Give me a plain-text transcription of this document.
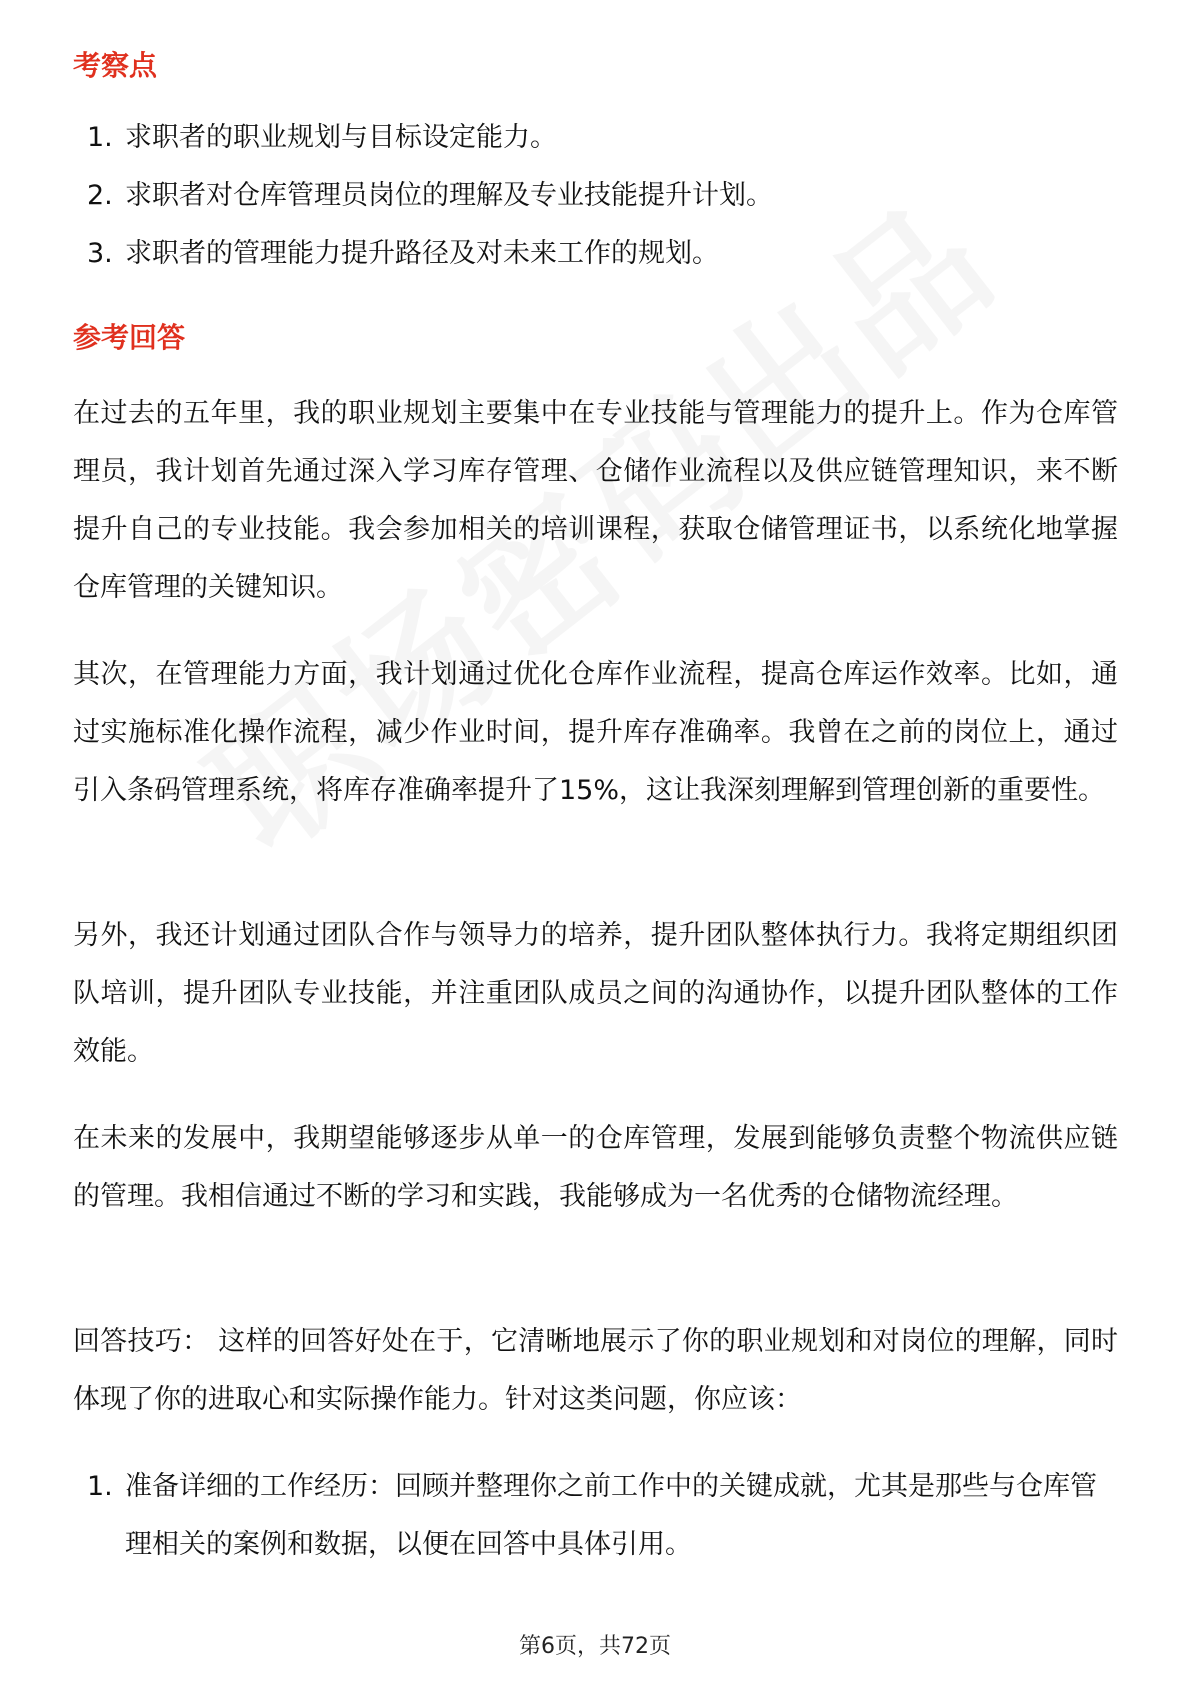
考察点
1. 求职者的职业规划与目标设定能力。
2. 求职者对仓库管理员岗位的理解及专业技能提升计划。
3. 求职者的管理能力提升路径及对未来工作的规划。
参考回答

在过去的五年里，我的职业规划主要集中在专业技能与管理能力的提升上。作为仓库管理员，我计划首先通过深入学习库存管理、仓储作业流程以及供应链管理知识，来不断提升自己的专业技能。我会参加相关的培训课程，获取仓储管理证书，以系统化地掌握仓库管理的关键知识。

其次，在管理能力方面，我计划通过优化仓库作业流程，提高仓库运作效率。比如，通过实施标准化操作流程，减少作业时间，提升库存准确率。我曾在之前的岗位上，通过引入条码管理系统，将库存准确率提升了15%，这让我深刻理解到管理创新的重要性。

另外，我还计划通过团队合作与领导力的培养，提升团队整体执行力。我将定期组织团队培训，提升团队专业技能，并注重团队成员之间的沟通协作，以提升团队整体的工作效能。

在未来的发展中，我期望能够逐步从单一的仓库管理，发展到能够负责整个物流供应链的管理。我相信通过不断的学习和实践，我能够成为一名优秀的仓储物流经理。

回答技巧： 这样的回答好处在于，它清晰地展示了你的职业规划和对岗位的理解，同时体现了你的进取心和实际操作能力。针对这类问题，你应该：

1. 准备详细的工作经历：回顾并整理你之前工作中的关键成就，尤其是那些与仓库管理相关的案例和数据，以便在回答中具体引用。
第6页，共72页
